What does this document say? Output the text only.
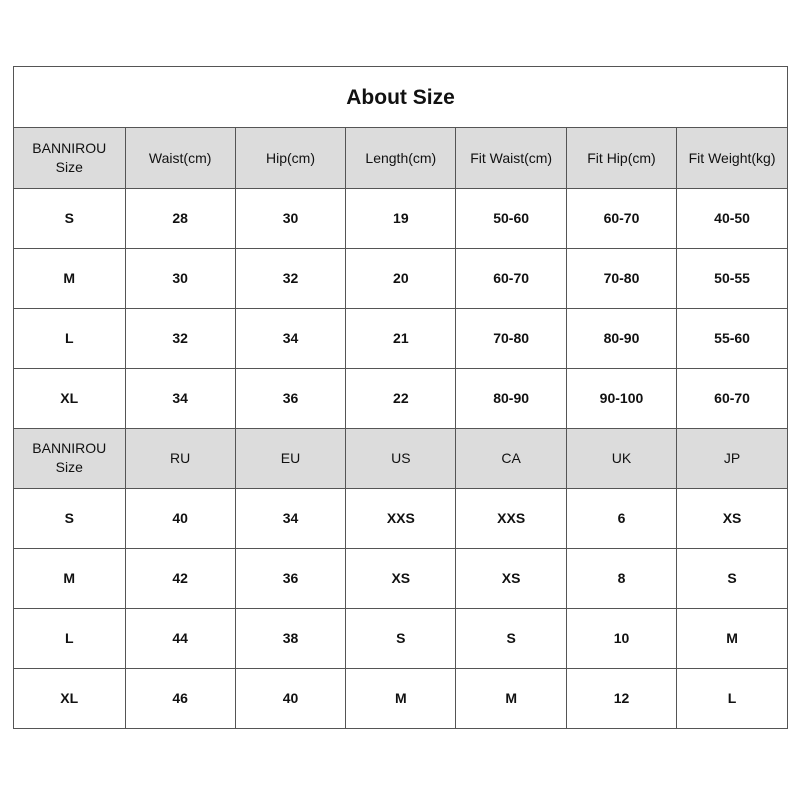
About Size
BANNIROU
Size	Waist(cm)	Hip(cm)	Length(cm)	Fit Waist(cm)	Fit Hip(cm)	Fit Weight(kg)
S	28	30	19	50-60	60-70	40-50
M	30	32	20	60-70	70-80	50-55
L	32	34	21	70-80	80-90	55-60
XL	34	36	22	80-90	90-100	60-70

BANNIROU
Size	RU	EU	US	CA	UK	JP
S	40	34	XXS	XXS	6	XS
M	42	36	XS	XS	8	S
L	44	38	S	S	10	M
XL	46	40	M	M	12	L
